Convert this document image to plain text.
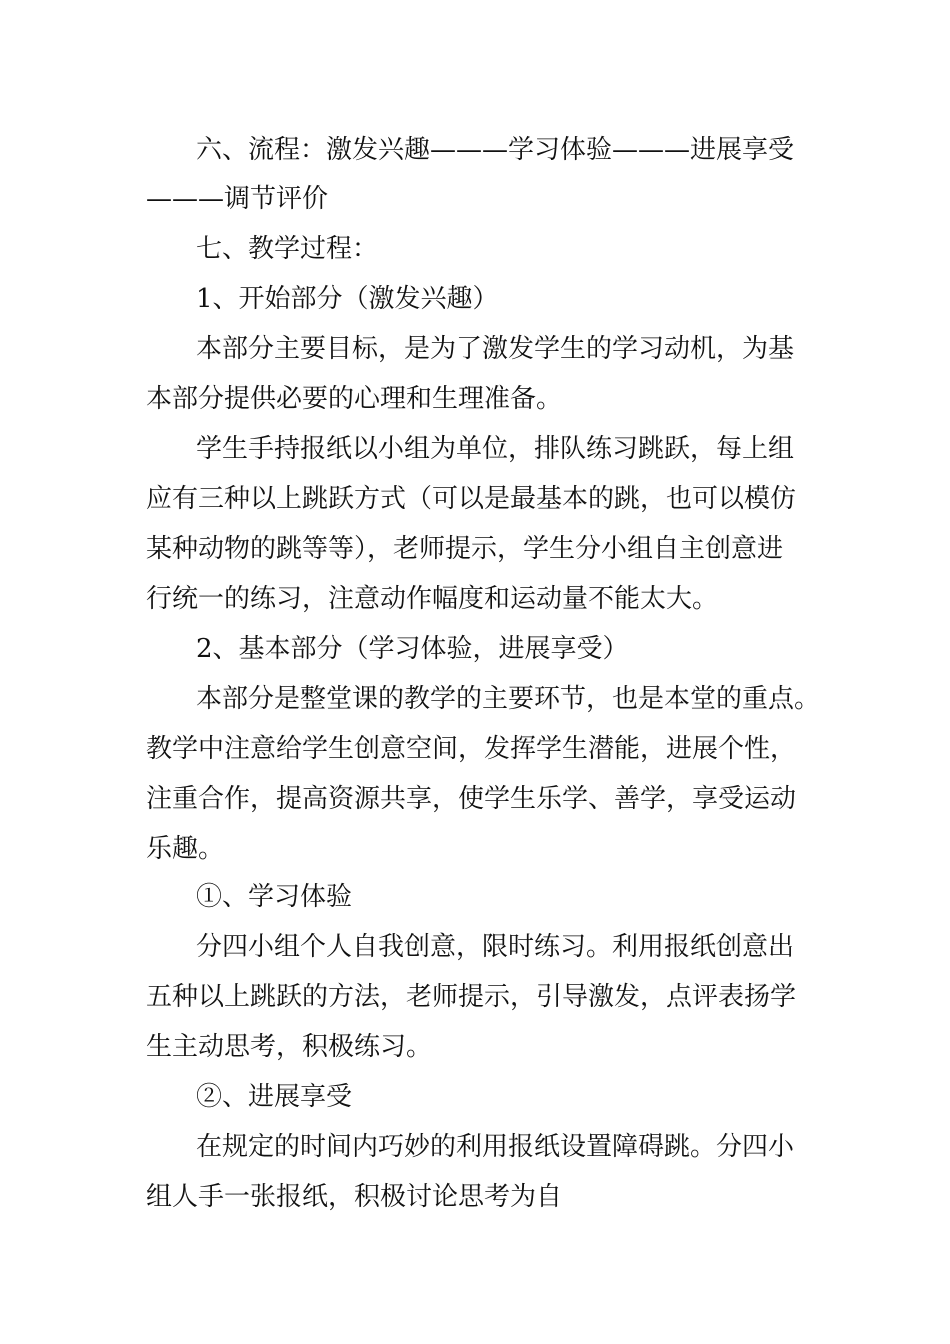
六、流程：激发兴趣———学习体验———进展享受
———调节评价
七、教学过程：
1、开始部分（激发兴趣）
本部分主要目标，是为了激发学生的学习动机，为基
本部分提供必要的心理和生理准备。
学生手持报纸以小组为单位，排队练习跳跃，每上组
应有三种以上跳跃方式（可以是最基本的跳，也可以模仿
某种动物的跳等等），老师提示，学生分小组自主创意进
行统一的练习，注意动作幅度和运动量不能太大。
2、基本部分（学习体验，进展享受）
本部分是整堂课的教学的主要环节，也是本堂的重点。
教学中注意给学生创意空间，发挥学生潜能，进展个性，
注重合作，提高资源共享，使学生乐学、善学，享受运动
乐趣。
①、学习体验
分四小组个人自我创意，限时练习。利用报纸创意出
五种以上跳跃的方法，老师提示，引导激发，点评表扬学
生主动思考，积极练习。
②、进展享受
在规定的时间内巧妙的利用报纸设置障碍跳。分四小
组人手一张报纸，积极讨论思考为自
